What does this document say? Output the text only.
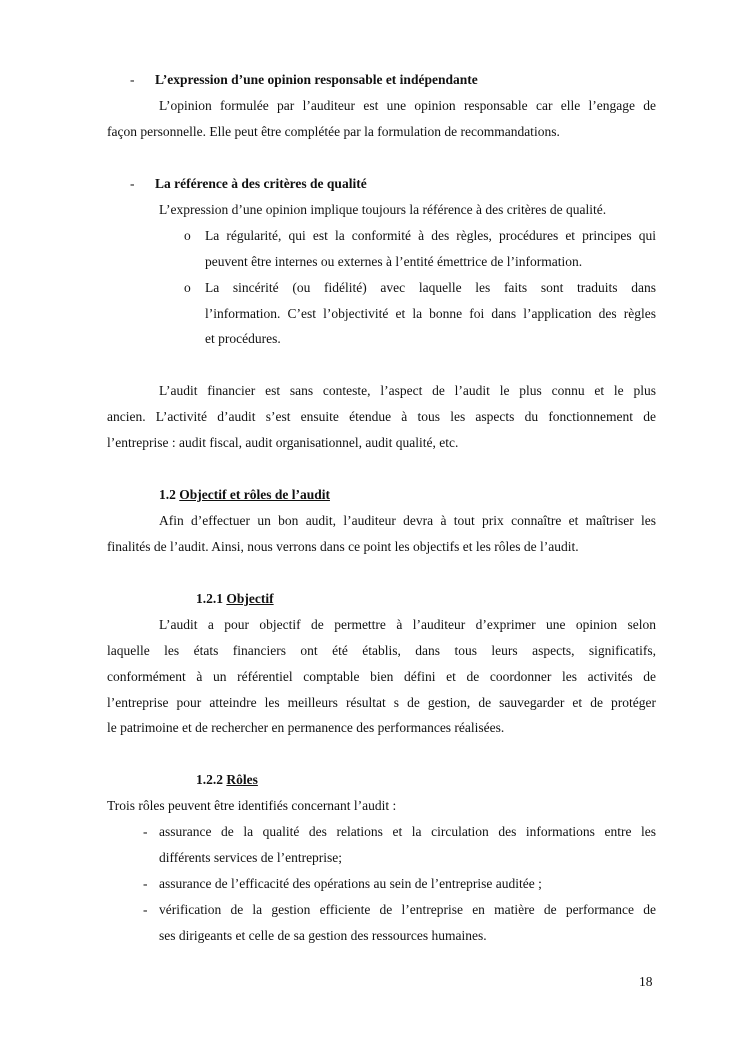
- L’expression d’une opinion responsable et indépendante
L’opinion formulée par l’auditeur est une opinion responsable car elle l’engage de
façon personnelle. Elle peut être complétée par la formulation de recommandations.
- La référence à des critères de qualité
L’expression d’une opinion implique toujours la référence à des critères de qualité.
o La régularité, qui est la conformité à des règles, procédures et principes qui
peuvent être internes ou externes à l’entité émettrice de l’information.
o La sincérité (ou fidélité) avec laquelle les faits sont traduits dans
l’information. C’est l’objectivité et la bonne foi dans l’application des règles
et procédures.
L’audit financier est sans conteste, l’aspect de l’audit le plus connu et le plus
ancien. L’activité d’audit s’est ensuite étendue à tous les aspects du fonctionnement de
l’entreprise : audit fiscal, audit organisationnel, audit qualité, etc.
1.2 Objectif et rôles de l’audit
Afin d’effectuer un bon audit, l’auditeur devra à tout prix connaître et maîtriser les
finalités de l’audit. Ainsi, nous verrons dans ce point les objectifs et les rôles de l’audit.
1.2.1 Objectif
L’audit a pour objectif de permettre à l’auditeur d’exprimer une opinion selon
laquelle les états financiers ont été établis, dans tous leurs aspects, significatifs,
conformément à un référentiel comptable bien défini et de coordonner les activités de
l’entreprise pour atteindre les meilleurs résultat s de gestion, de sauvegarder et de protéger
le patrimoine et de rechercher en permanence des performances réalisées.
1.2.2 Rôles
Trois rôles peuvent être identifiés concernant l’audit :
- assurance de la qualité des relations et la circulation des informations entre les
différents services de l’entreprise;
- assurance de l’efficacité des opérations au sein de l’entreprise auditée ;
- vérification de la gestion efficiente de l’entreprise en matière de performance de
ses dirigeants et celle de sa gestion des ressources humaines.
18
